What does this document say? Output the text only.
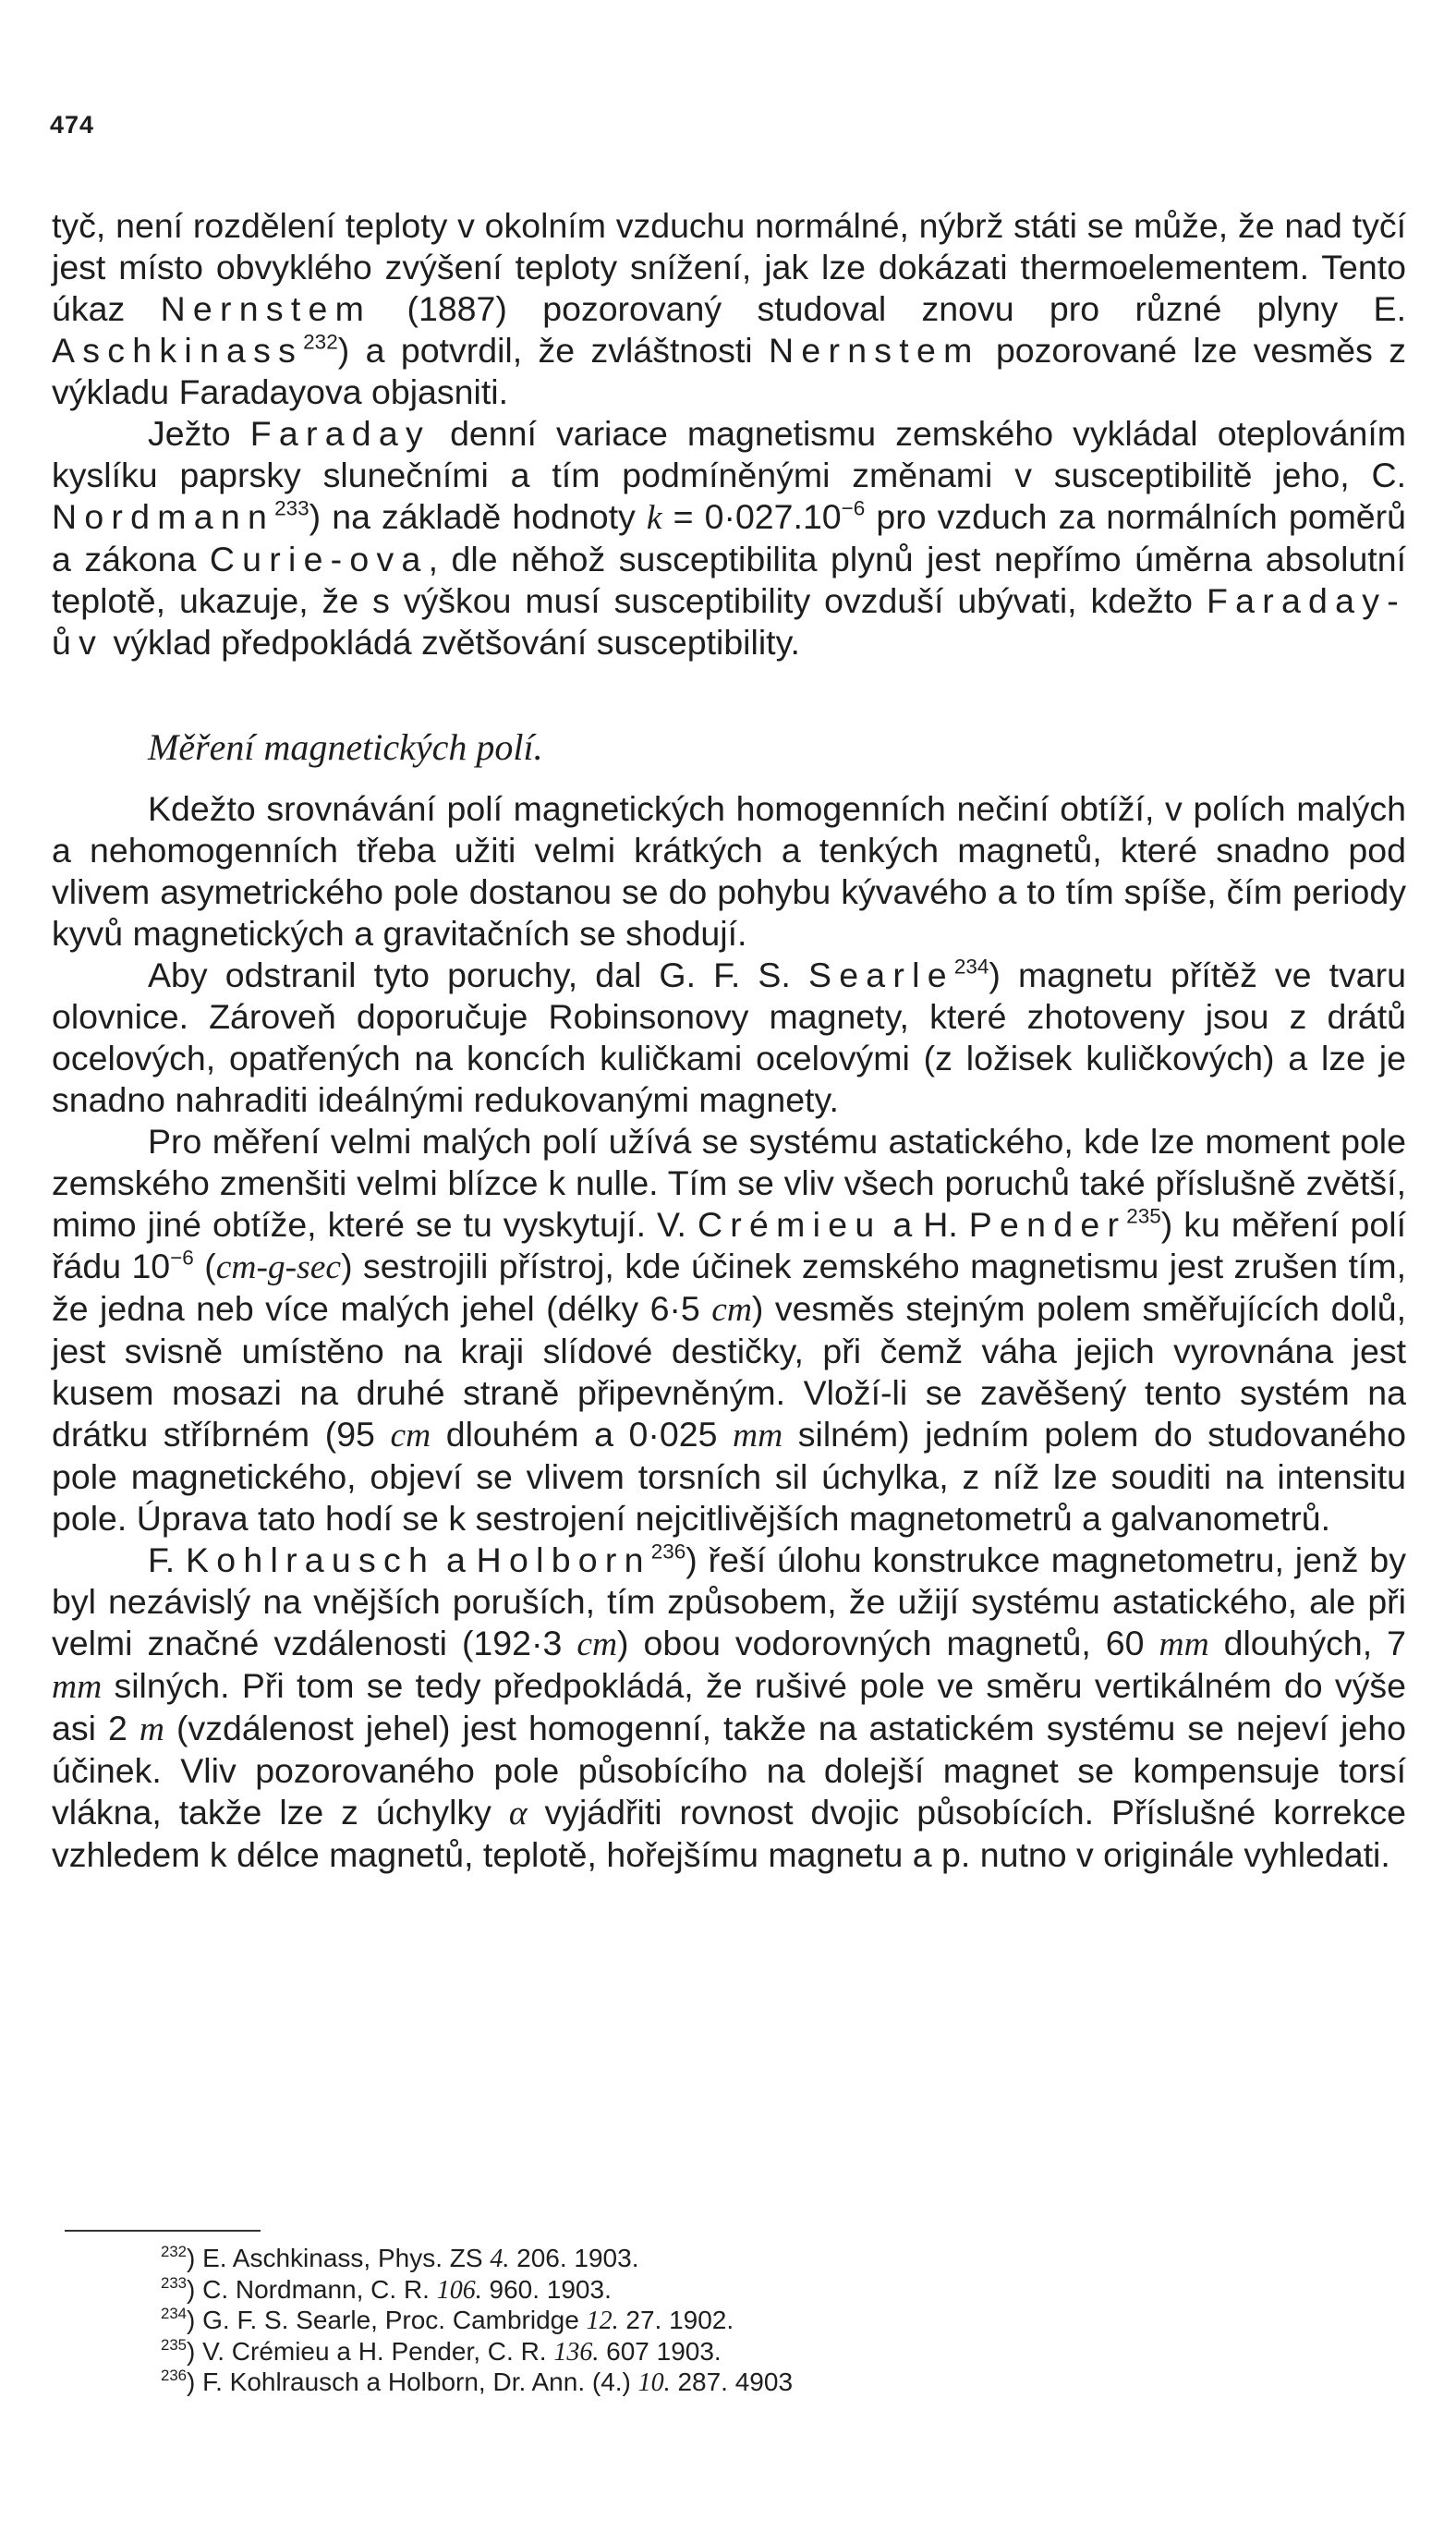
474

tyč, není rozdělení teploty v okolním vzduchu normálné, nýbrž státi se může, že nad tyčí jest místo obvyklého zvýšení teploty snížení, jak lze dokázati thermoelementem. Tento úkaz Nernstem (1887) pozorovaný studoval znovu pro různé plyny E. Aschkinass$^{232}$) a potvrdil, že zvláštnosti Nernstem pozorované lze vesměs z výkladu Faradayova objasniti.

Ježto Faraday denní variace magnetismu zemského vykládal oteplováním kyslíku paprsky slunečními a tím podmíněnými změnami v susceptibilitě jeho, C. Nordmann$^{233}$) na základě hodnoty $k = 0\cdot 027.10^{-6}$ pro vzduch za normálních poměrů a zákona Curie-ova, dle něhož susceptibilita plynů jest nepřímo úměrna absolutní teplotě, ukazuje, že s výškou musí susceptibility ovzduší ubývati, kdežto Faraday-ův výklad předpokládá zvětšování susceptibility.

Měření magnetických polí.

Kdežto srovnávání polí magnetických homogenních nečiní obtíží, v polích malých a nehomogenních třeba užiti velmi krátkých a tenkých magnetů, které snadno pod vlivem asymetrického pole dostanou se do pohybu kývavého a to tím spíše, čím periody kyvů magnetických a gravitačních se shodují.

Aby odstranil tyto poruchy, dal G. F. S. Searle$^{234}$) magnetu přítěž ve tvaru olovnice. Zároveň doporučuje Robinsonovy magnety, které zhotoveny jsou z drátů ocelových, opatřených na koncích kuličkami ocelovými (z ložisek kuličkových) a lze je snadno nahraditi ideálnými redukovanými magnety.

Pro měření velmi malých polí užívá se systému astatického, kde lze moment pole zemského zmenšiti velmi blízce k nulle. Tím se vliv všech poruchů také příslušně zvětší, mimo jiné obtíže, které se tu vyskytují. V. Crémieu a H. Pender$^{235}$) ku měření polí řádu $10^{-6}$ (cm-g-sec) sestrojili přístroj, kde účinek zemského magnetismu jest zrušen tím, že jedna neb více malých jehel (délky 6·5 cm) vesměs stejným polem směřujících dolů, jest svisně umístěno na kraji slídové destičky, při čemž váha jejich vyrovnána jest kusem mosazi na druhé straně připevněným. Vloží-li se zavěšený tento systém na drátku stříbrném (95 cm dlouhém a 0·025 mm silném) jedním polem do studovaného pole magnetického, objeví se vlivem torsních sil úchylka, z níž lze souditi na intensitu pole. Úprava tato hodí se k sestrojení nejcitlivějších magnetometrů a galvanometrů.

F. Kohlrausch a Holborn$^{236}$) řeší úlohu konstrukce magnetometru, jenž by byl nezávislý na vnějších poruších, tím způsobem, že užijí systému astatického, ale při velmi značné vzdálenosti (192·3 cm) obou vodorovných magnetů, 60 mm dlouhých, 7 mm silných. Při tom se tedy předpokládá, že rušivé pole ve směru vertikálném do výše asi 2 m (vzdálenost jehel) jest homogenní, takže na astatickém systému se nejeví jeho účinek. Vliv pozorovaného pole působícího na dolejší magnet se kompensuje torsí vlákna, takže lze z úchylky α vyjádřiti rovnost dvojic působících. Příslušné korrekce vzhledem k délce magnetů, teplotě, hořejšímu magnetu a p. nutno v originále vyhledati.

$^{232}$) E. Aschkinass, Phys. ZS 4. 206. 1903.
$^{233}$) C. Nordmann, C. R. 106. 960. 1903.
$^{234}$) G. F. S. Searle, Proc. Cambridge 12. 27. 1902.
$^{235}$) V. Crémieu a H. Pender, C. R. 136. 607 1903.
$^{236}$) F. Kohlrausch a Holborn, Dr. Ann. (4.) 10. 287. 4903
